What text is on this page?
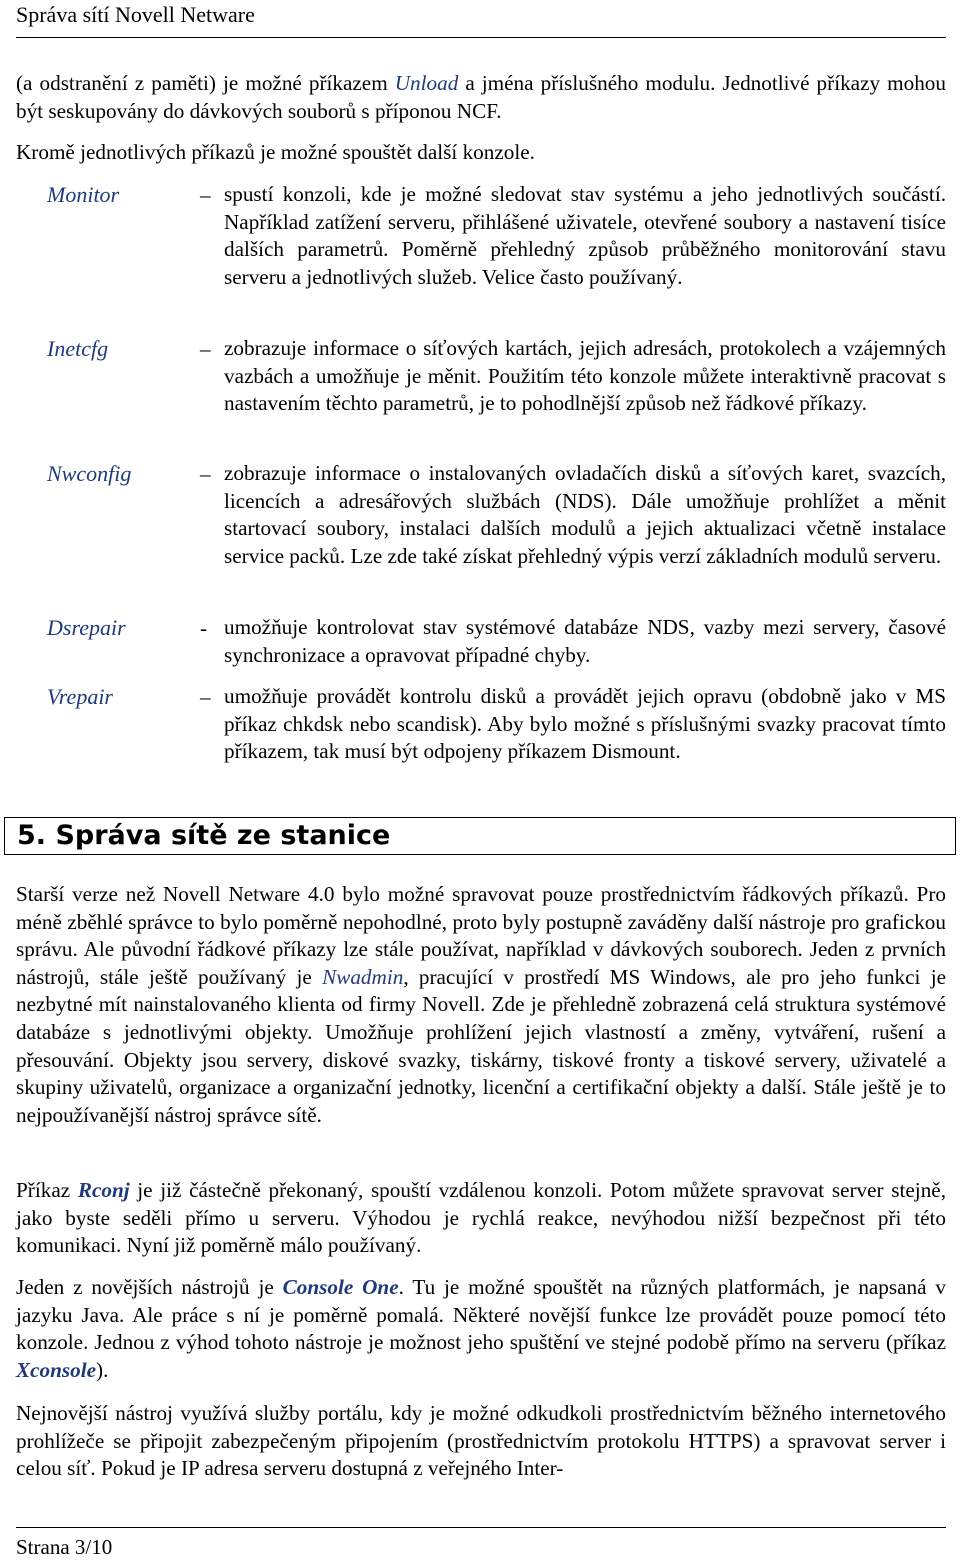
Správa sítí Novell Netware

(a odstranění z paměti) je možné příkazem Unload a jména příslušného modulu. Jednotlivé příkazy mohou být seskupovány do dávkových souborů s příponou NCF.

Kromě jednotlivých příkazů je možné spouštět další konzole.

Monitor	– spustí konzoli, kde je možné sledovat stav systému a jeho jednotlivých součástí. Například zatížení serveru, přihlášené uživatele, otevřené soubory a nastavení tisíce dalších parametrů. Poměrně přehledný způsob průběžného monitorování stavu serveru a jednotlivých služeb. Velice často používaný.

Inetcfg	– zobrazuje informace o síťových kartách, jejich adresách, protokolech a vzájemných vazbách a umožňuje je měnit. Použitím této konzole můžete interaktivně pracovat s nastavením těchto parametrů, je to pohodlnější způsob než řádkové příkazy.

Nwconfig	– zobrazuje informace o instalovaných ovladačích disků a síťových karet, svazcích, licencích a adresářových službách (NDS). Dále umožňuje prohlížet a měnit startovací soubory, instalaci dalších modulů a jejich aktualizaci včetně instalace service packů. Lze zde také získat přehledný výpis verzí základních modulů serveru.

Dsrepair	- umožňuje kontrolovat stav systémové databáze NDS, vazby mezi servery, časové synchronizace a opravovat případné chyby.

Vrepair	– umožňuje provádět kontrolu disků a provádět jejich opravu (obdobně jako v MS příkaz chkdsk nebo scandisk). Aby bylo možné s příslušnými svazky pracovat tímto příkazem, tak musí být odpojeny příkazem Dismount.

5. Správa sítě ze stanice

Starší verze než Novell Netware 4.0 bylo možné spravovat pouze prostřednictvím řádkových příkazů. Pro méně zběhlé správce to bylo poměrně nepohodlné, proto byly postupně zaváděny další nástroje pro grafickou správu. Ale původní řádkové příkazy lze stále používat, například v dávkových souborech. Jeden z prvních nástrojů, stále ještě používaný je Nwadmin, pracující v prostředí MS Windows, ale pro jeho funkci je nezbytné mít nainstalovaného klienta od firmy Novell. Zde je přehledně zobrazená celá struktura systémové databáze s jednotlivými objekty. Umožňuje prohlížení jejich vlastností a změny, vytváření, rušení a přesouvání. Objekty jsou servery, diskové svazky, tiskárny, tiskové fronty a tiskové servery, uživatelé a skupiny uživatelů, organizace a organizační jednotky, licenční a certifikační objekty a další. Stále ještě je to nejpoužívanější nástroj správce sítě.

Příkaz Rconj je již částečně překonaný, spouští vzdálenou konzoli. Potom můžete spravovat server stejně, jako byste seděli přímo u serveru. Výhodou je rychlá reakce, nevýhodou nižší bezpečnost při této komunikaci. Nyní již poměrně málo používaný.

Jeden z novějších nástrojů je Console One. Tu je možné spouštět na různých platformách, je napsaná v jazyku Java. Ale práce s ní je poměrně pomalá. Některé novější funkce lze provádět pouze pomocí této konzole. Jednou z výhod tohoto nástroje je možnost jeho spuštění ve stejné podobě přímo na serveru (příkaz Xconsole).

Nejnovější nástroj využívá služby portálu, kdy je možné odkudkoli prostřednictvím běžného internetového prohlížeče se připojit zabezpečeným připojením (prostřednictvím protokolu HTTPS) a spravovat server i celou síť. Pokud je IP adresa serveru dostupná z veřejného Inter-

Strana 3/10
